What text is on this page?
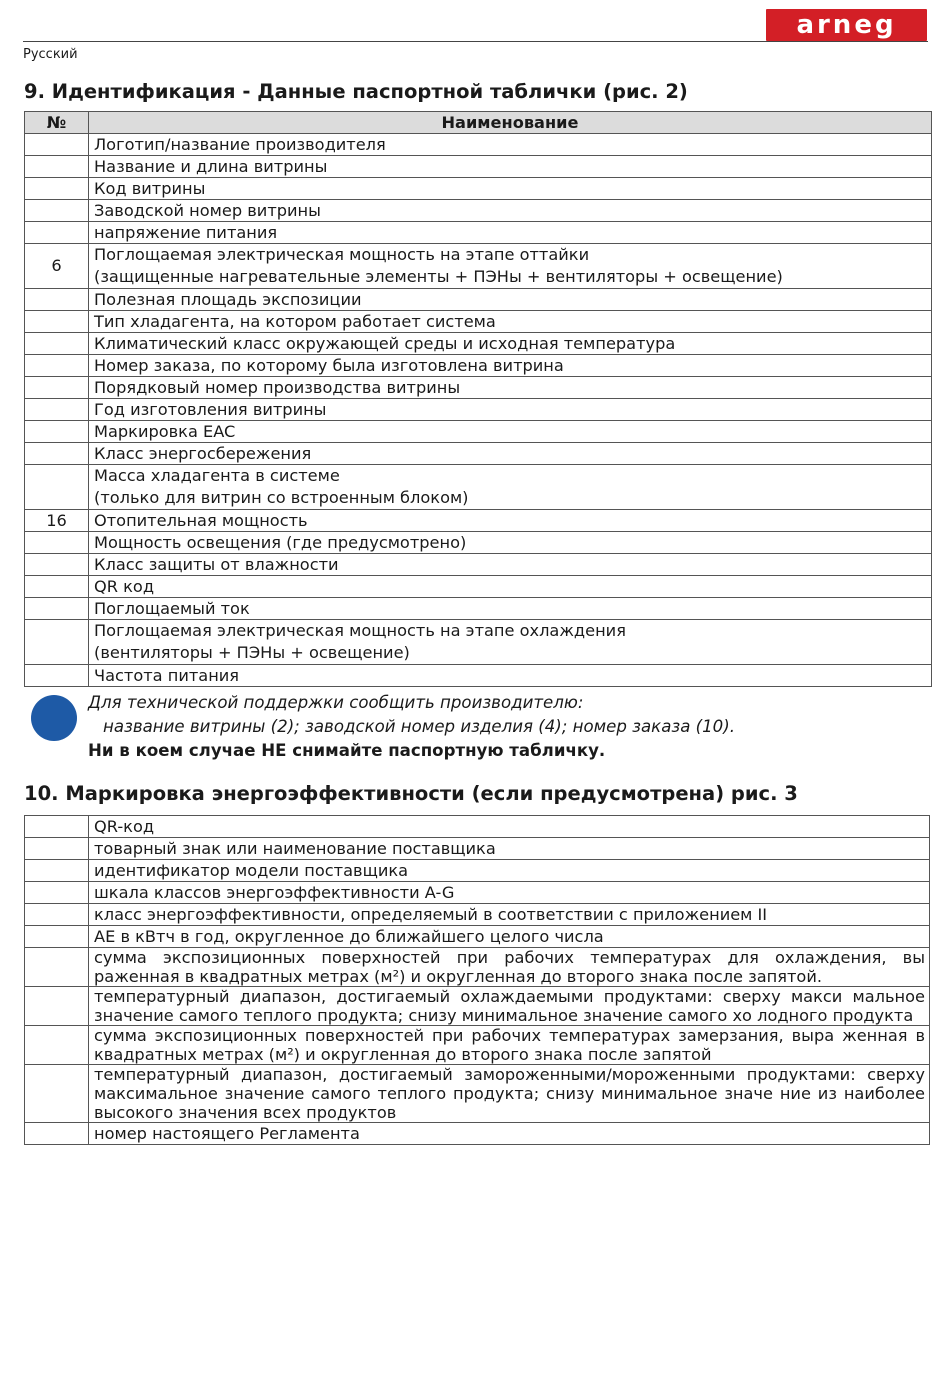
arneg
Русский
9. Идентификация - Данные паспортной таблички (рис. 2)
№	Наименование
	Логотип/название производителя
	Название и длина витрины
	Код витрины
	Заводской номер витрины
	напряжение питания
6	Поглощаемая электрическая мощность на этапе оттайки
(защищенные нагревательные элементы + ПЭНы + вентиляторы + освещение)
	Полезная площадь экспозиции
	Тип хладагента, на котором работает система
	Климатический класс окружающей среды и исходная температура
	Номер заказа, по которому была изготовлена витрина
	Порядковый номер производства витрины
	Год изготовления витрины
	Маркировка EAC
	Класс энергосбережения
	Масса хладагента в системе
(только для витрин со встроенным блоком)
16	Отопительная мощность
	Мощность освещения (где предусмотрено)
	Класс защиты от влажности
	QR код
	Поглощаемый ток
	Поглощаемая электрическая мощность на этапе охлаждения
(вентиляторы + ПЭНы + освещение)
	Частота питания
Для технической поддержки сообщить производителю:
название витрины (2); заводской номер изделия (4); номер заказа (10).
Ни в коем случае НЕ снимайте паспортную табличку.
10. Маркировка энергоэффективности (если предусмотрена) рис. 3
	QR-код
	товарный знак или наименование поставщика
	идентификатор модели поставщика
	шкала классов энергоэффективности A-G
	класс энергоэффективности, определяемый в соответствии с приложением II
	AE в кВтч в год, округленное до ближайшего целого числа
	сумма экспозиционных поверхностей при рабочих температурах для охлаждения, вы раженная в квадратных метрах (м²) и округленная до второго знака после запятой.
	температурный диапазон, достигаемый охлаждаемыми продуктами: сверху макси мальное значение самого теплого продукта; снизу минимальное значение самого хо лодного продукта
	сумма экспозиционных поверхностей при рабочих температурах замерзания, выра женная в квадратных метрах (м²) и округленная до второго знака после запятой
	температурный диапазон, достигаемый замороженными/мороженными продуктами: сверху максимальное значение самого теплого продукта; снизу минимальное значе ние из наиболее высокого значения всех продуктов
	номер настоящего Регламента
